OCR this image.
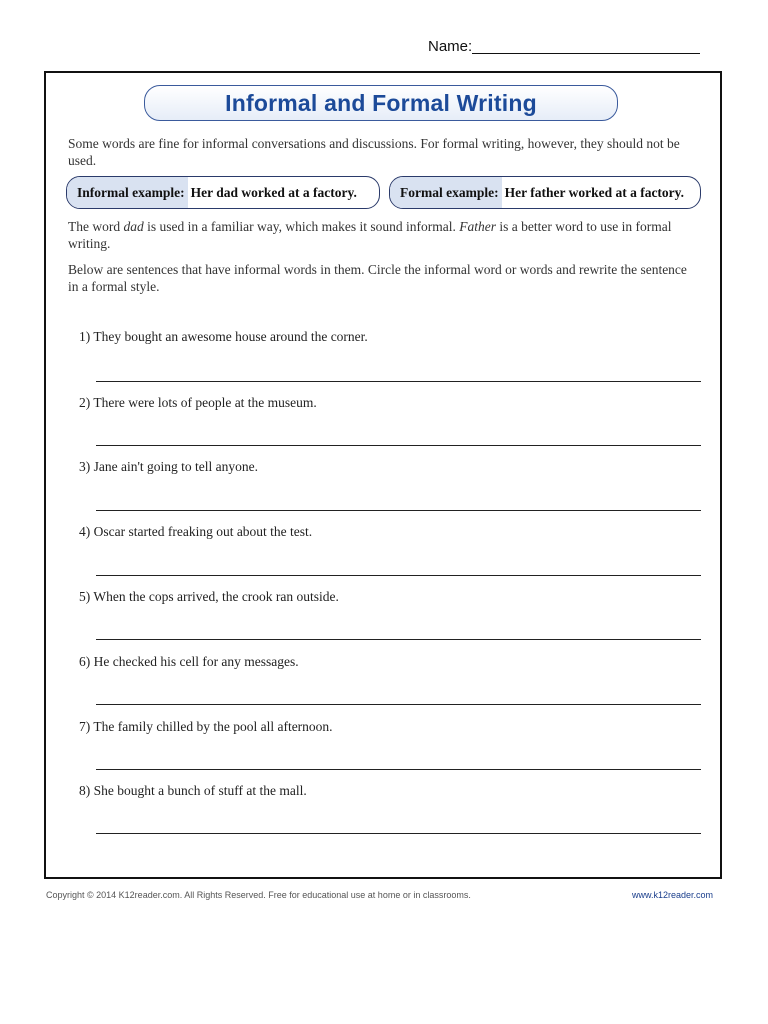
Name:
Informal and Formal Writing
Some words are fine for informal conversations and discussions. For formal writing, however, they should not be used.
Informal example: Her dad worked at a factory.	Formal example: Her father worked at a factory.
The word dad is used in a familiar way, which makes it sound informal. Father is a better word to use in formal writing.
Below are sentences that have informal words in them. Circle the informal word or words and rewrite the sentence in a formal style.
1) They bought an awesome house around the corner.
2) There were lots of people at the museum.
3) Jane ain't going to tell anyone.
4) Oscar started freaking out about the test.
5) When the cops arrived, the crook ran outside.
6) He checked his cell for any messages.
7) The family chilled by the pool all afternoon.
8) She bought a bunch of stuff at the mall.
Copyright © 2014 K12reader.com. All Rights Reserved. Free for educational use at home or in classrooms.	www.k12reader.com
